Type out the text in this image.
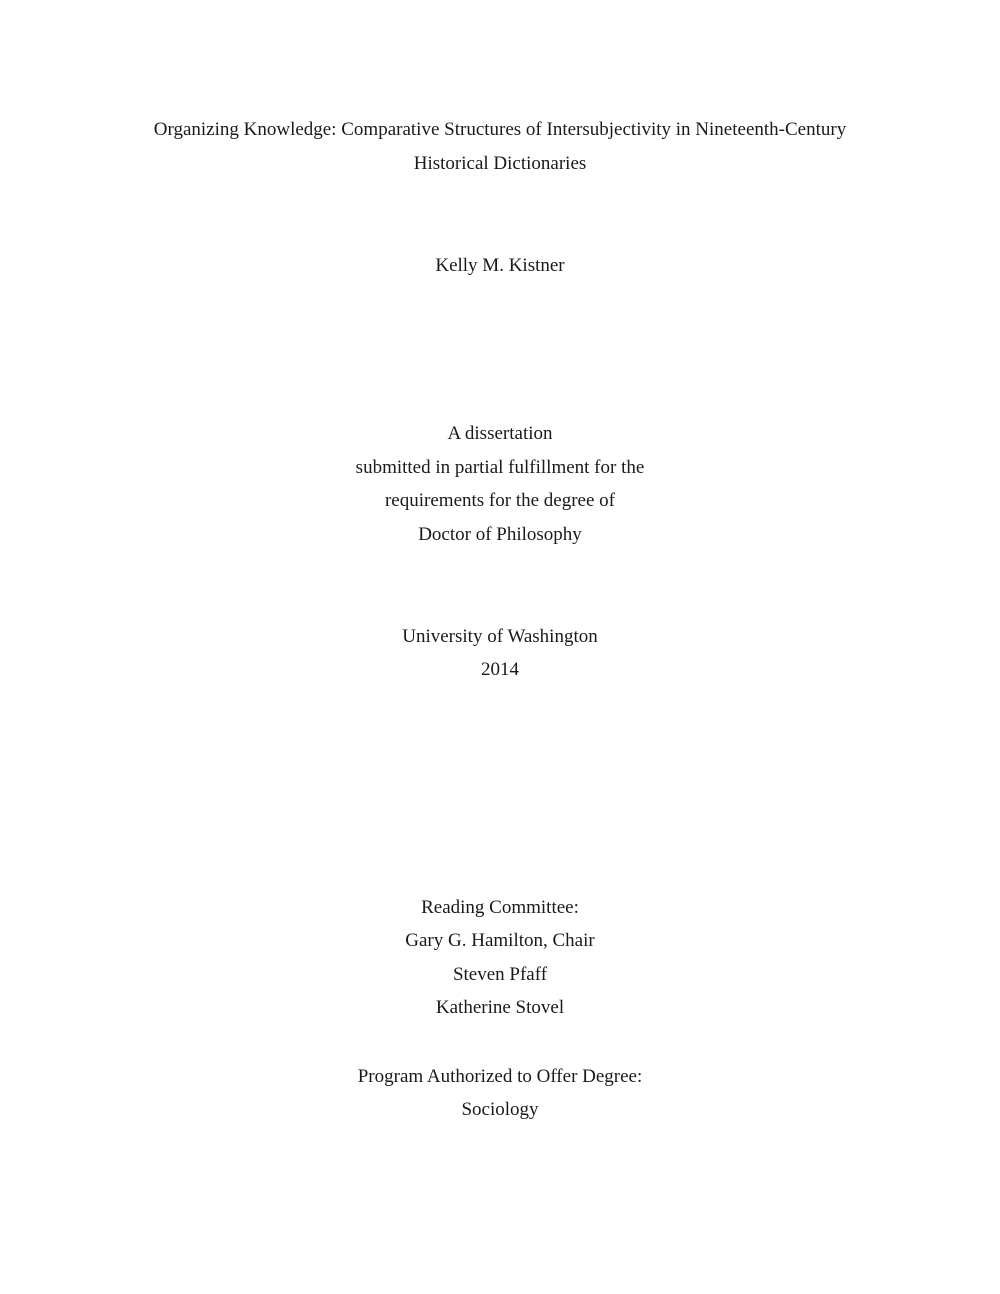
Organizing Knowledge: Comparative Structures of Intersubjectivity in Nineteenth-Century
Historical Dictionaries
Kelly M. Kistner
A dissertation
submitted in partial fulfillment for the
requirements for the degree of
Doctor of Philosophy
University of Washington
2014
Reading Committee:
Gary G. Hamilton, Chair
Steven Pfaff
Katherine Stovel
Program Authorized to Offer Degree:
Sociology
